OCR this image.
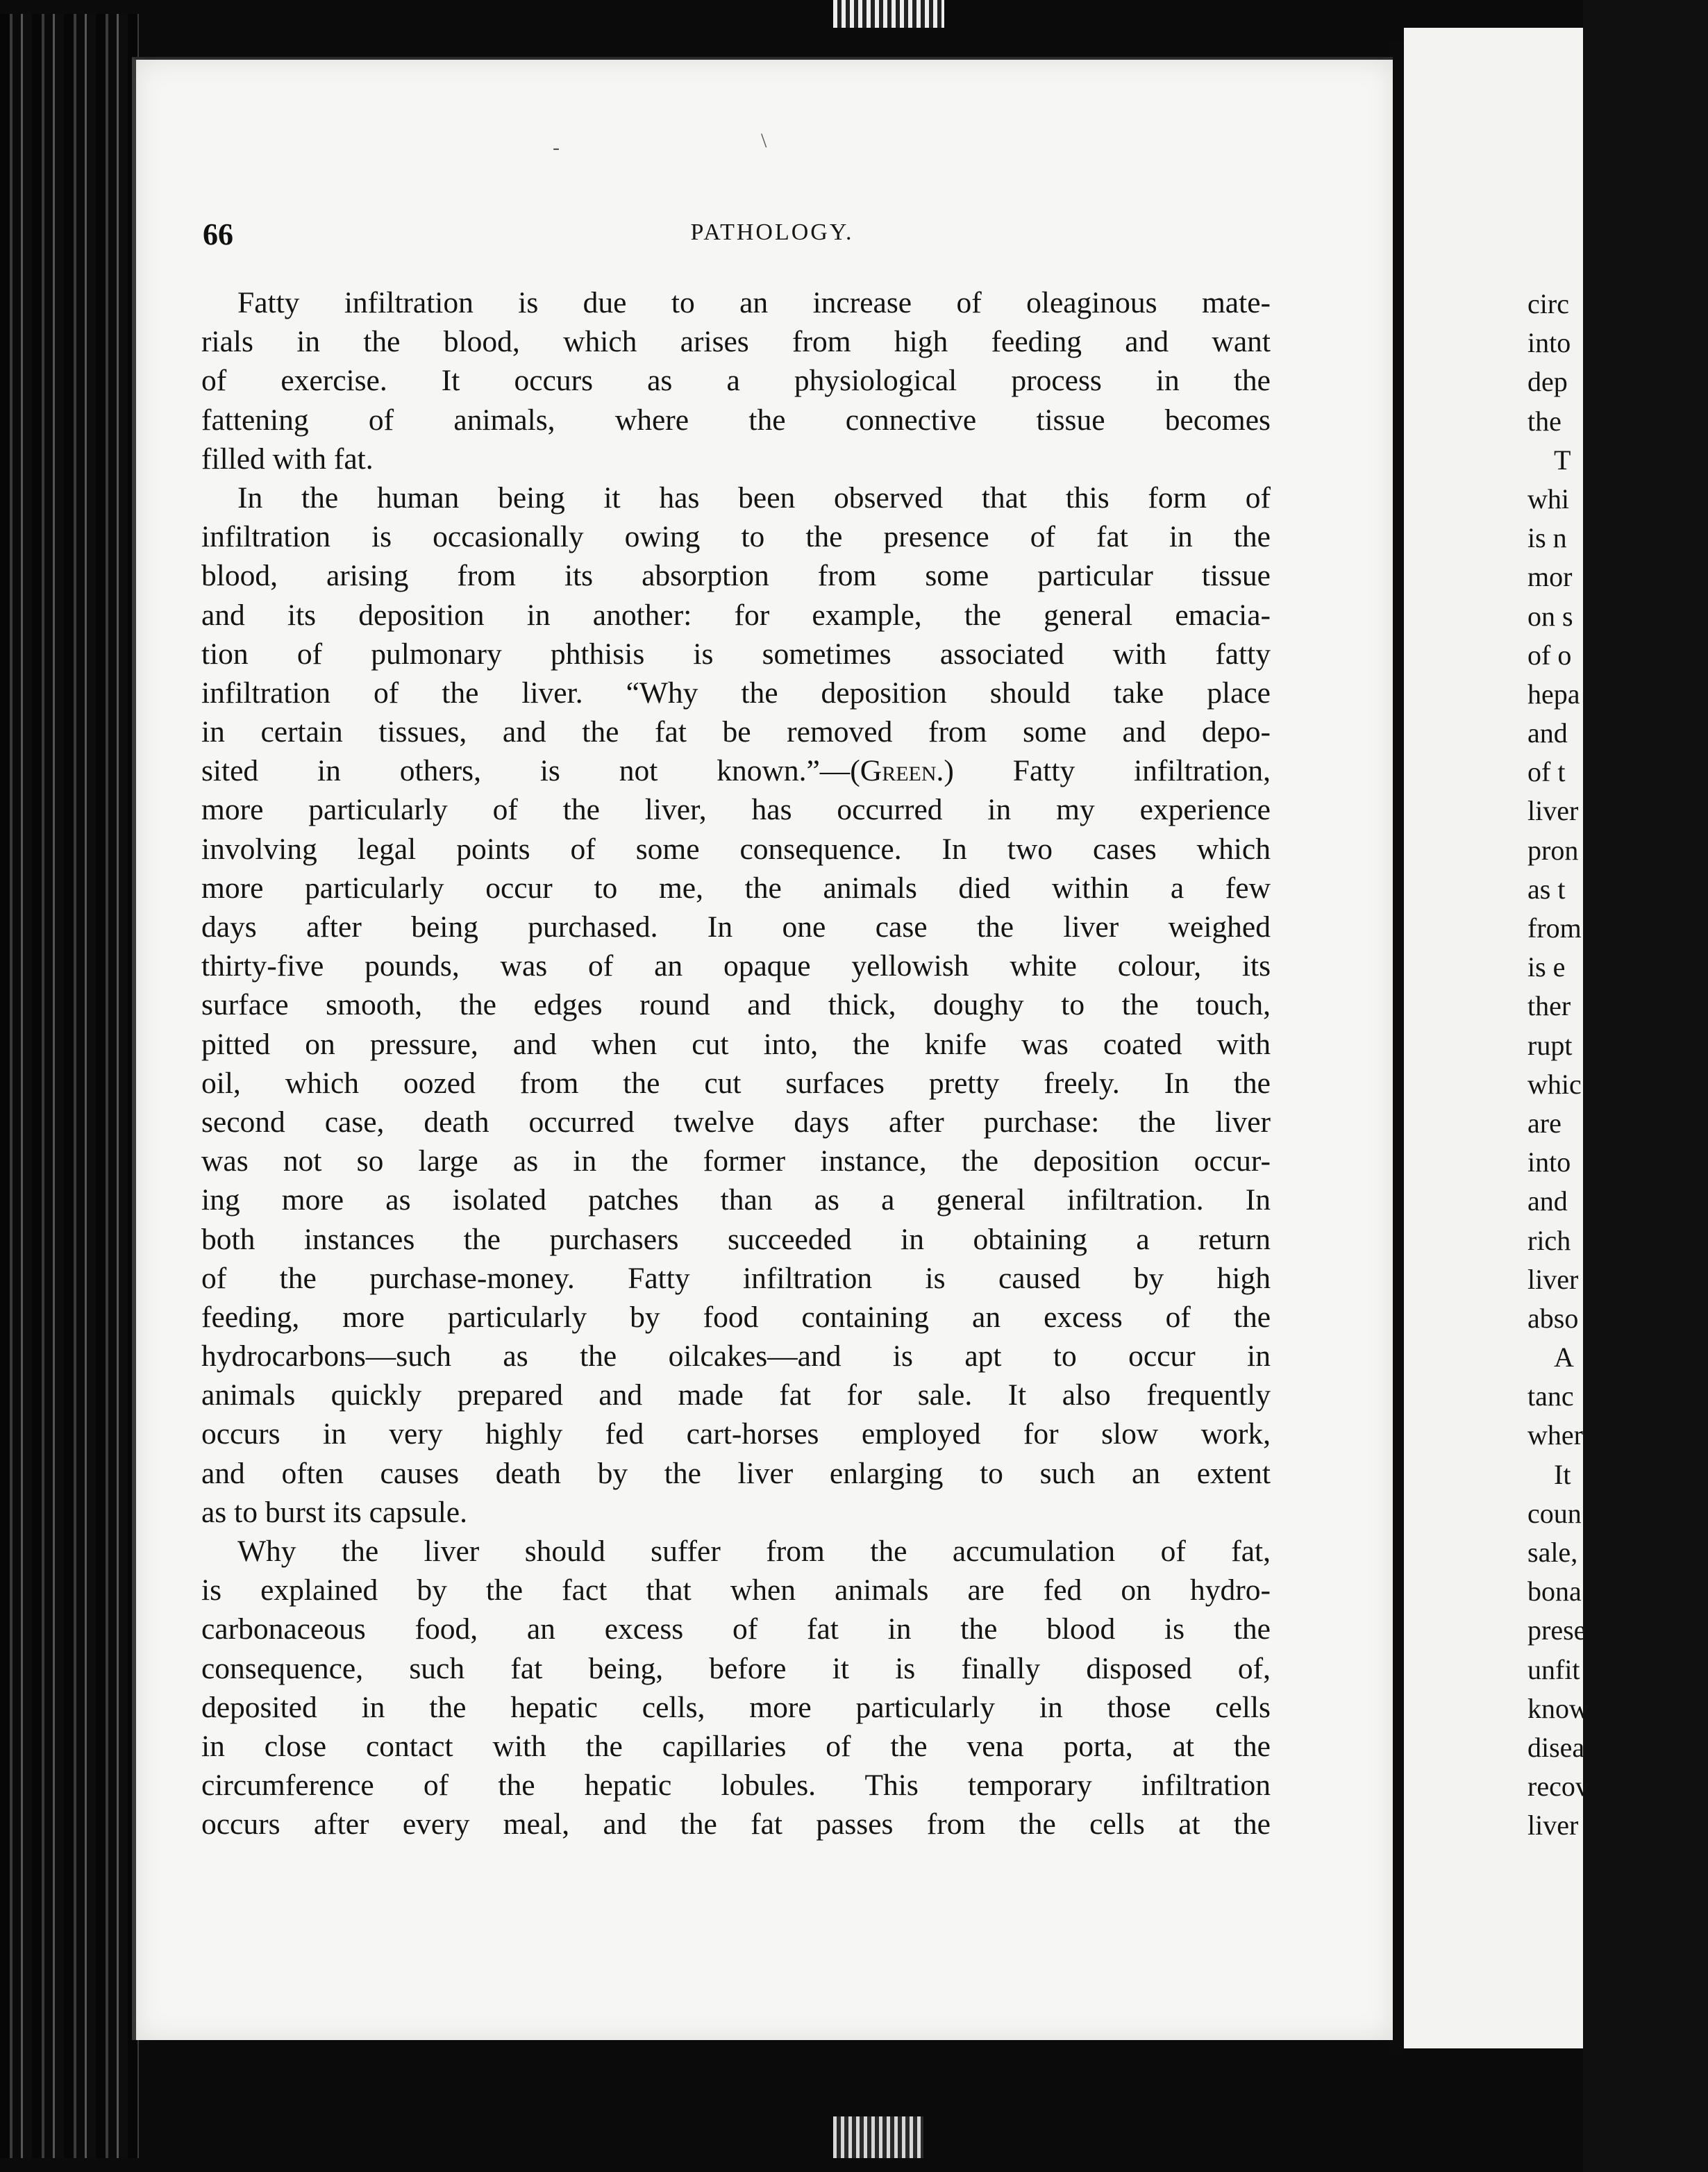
\
-
66	PATHOLOGY.
Fatty infiltration is due to an increase of oleaginous mate-
rials in the blood, which arises from high feeding and want
of exercise. It occurs as a physiological process in the
fattening of animals, where the connective tissue becomes
filled with fat.
In the human being it has been observed that this form of
infiltration is occasionally owing to the presence of fat in the
blood, arising from its absorption from some particular tissue
and its deposition in another: for example, the general emacia-
tion of pulmonary phthisis is sometimes associated with fatty
infiltration of the liver. “Why the deposition should take place
in certain tissues, and the fat be removed from some and depo-
sited in others, is not known.”—(Green.) Fatty infiltration,
more particularly of the liver, has occurred in my experience
involving legal points of some consequence. In two cases which
more particularly occur to me, the animals died within a few
days after being purchased. In one case the liver weighed
thirty-five pounds, was of an opaque yellowish white colour, its
surface smooth, the edges round and thick, doughy to the touch,
pitted on pressure, and when cut into, the knife was coated with
oil, which oozed from the cut surfaces pretty freely. In the
second case, death occurred twelve days after purchase: the liver
was not so large as in the former instance, the deposition occur-
ing more as isolated patches than as a general infiltration. In
both instances the purchasers succeeded in obtaining a return
of the purchase-money. Fatty infiltration is caused by high
feeding, more particularly by food containing an excess of the
hydrocarbons—such as the oilcakes—and is apt to occur in
animals quickly prepared and made fat for sale. It also frequently
occurs in very highly fed cart-horses employed for slow work,
and often causes death by the liver enlarging to such an extent
as to burst its capsule.
Why the liver should suffer from the accumulation of fat,
is explained by the fact that when animals are fed on hydro-
carbonaceous food, an excess of fat in the blood is the
consequence, such fat being, before it is finally disposed of,
deposited in the hepatic cells, more particularly in those cells
in close contact with the capillaries of the vena porta, at the
circumference of the hepatic lobules. This temporary infiltration
occurs after every meal, and the fat passes from the cells at the
circ
into
dep
the
T
whi
is n
mor
on s
of o
hepa
and
of t
liver
pron
as t
from
is e
ther
rupt
whic
are
into
and
rich
liver
abso
A
tanc
wher
It
coun
sale,
bona
prese
unfit
know
disea
recov
liver
